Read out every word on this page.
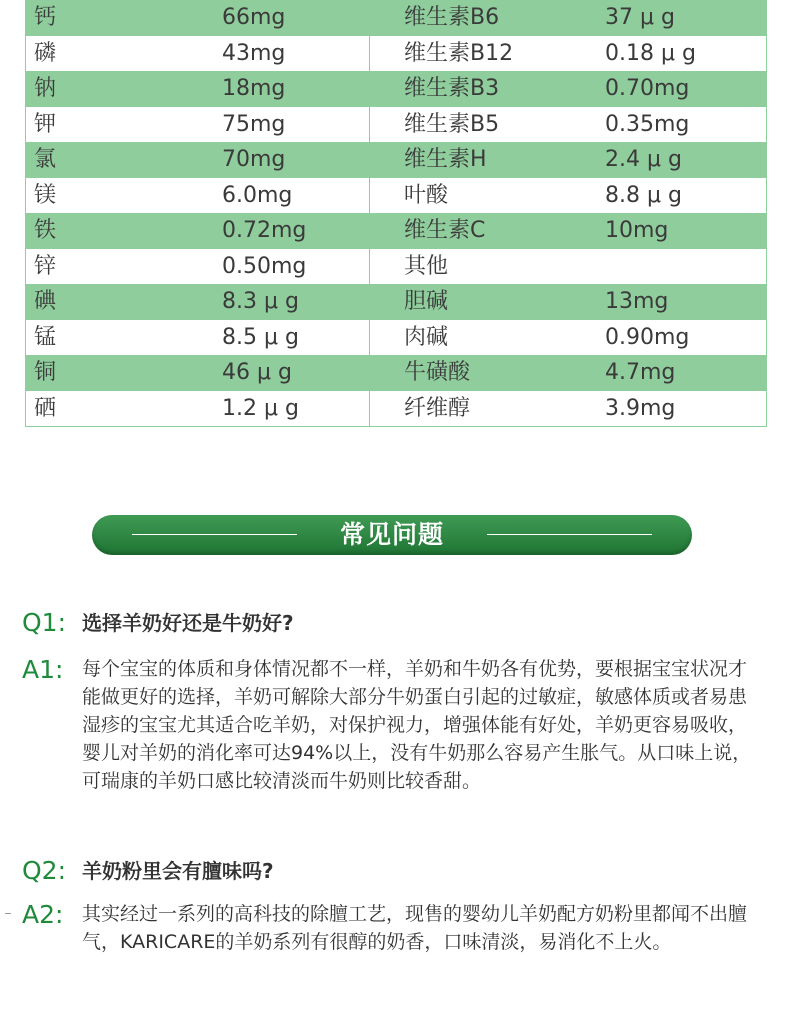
钙	66mg	维生素B6	37 μ g
磷	43mg	维生素B12	0.18 μ g
钠	18mg	维生素B3	0.70mg
钾	75mg	维生素B5	0.35mg
氯	70mg	维生素H	2.4 μ g
镁	6.0mg	叶酸	8.8 μ g
铁	0.72mg	维生素C	10mg
锌	0.50mg	其他
碘	8.3 μ g	胆碱	13mg
锰	8.5 μ g	肉碱	0.90mg
铜	46 μ g	牛磺酸	4.7mg
硒	1.2 μ g	纤维醇	3.9mg
常见问题
Q1: 选择羊奶好还是牛奶好?
A1: 每个宝宝的体质和身体情况都不一样，羊奶和牛奶各有优势，要根据宝宝状况才能做更好的选择，羊奶可解除大部分牛奶蛋白引起的过敏症，敏感体质或者易患湿疹的宝宝尤其适合吃羊奶，对保护视力，增强体能有好处，羊奶更容易吸收，婴儿对羊奶的消化率可达94%以上，没有牛奶那么容易产生胀气。从口味上说，可瑞康的羊奶口感比较清淡而牛奶则比较香甜。
Q2: 羊奶粉里会有膻味吗?
A2: 其实经过一系列的高科技的除膻工艺，现售的婴幼儿羊奶配方奶粉里都闻不出膻气，KARICARE的羊奶系列有很醇的奶香，口味清淡，易消化不上火。
